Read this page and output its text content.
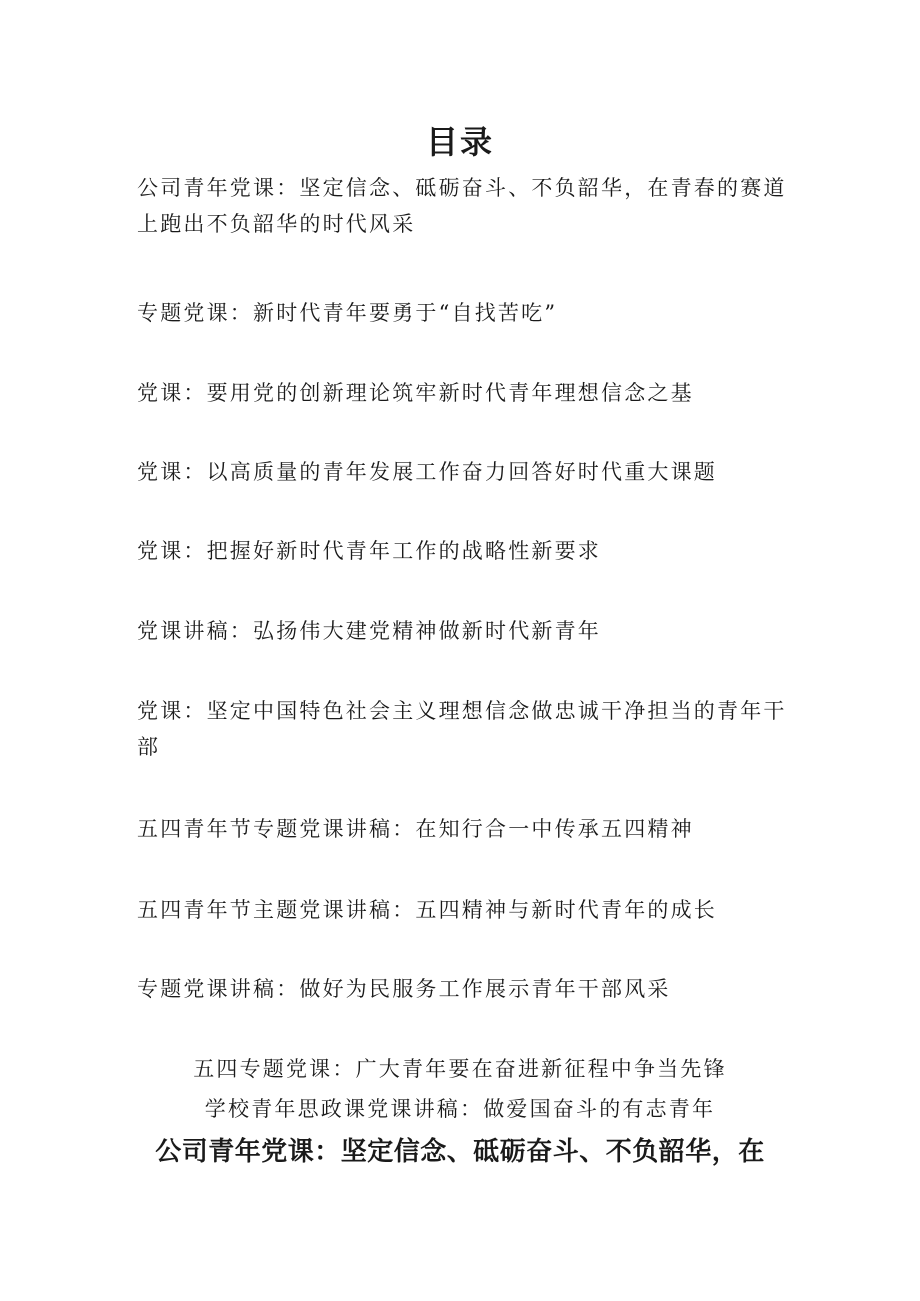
目录
公司青年党课：坚定信念、砥砺奋斗、不负韶华，在青春的赛道上跑出不负韶华的时代风采
专题党课：新时代青年要勇于“自找苦吃”
党课：要用党的创新理论筑牢新时代青年理想信念之基
党课：以高质量的青年发展工作奋力回答好时代重大课题
党课：把握好新时代青年工作的战略性新要求
党课讲稿：弘扬伟大建党精神做新时代新青年
党课：坚定中国特色社会主义理想信念做忠诚干净担当的青年干部
五四青年节专题党课讲稿：在知行合一中传承五四精神
五四青年节主题党课讲稿：五四精神与新时代青年的成长
专题党课讲稿：做好为民服务工作展示青年干部风采
五四专题党课：广大青年要在奋进新征程中争当先锋
学校青年思政课党课讲稿：做爱国奋斗的有志青年
公司青年党课：坚定信念、砥砺奋斗、不负韶华，在
